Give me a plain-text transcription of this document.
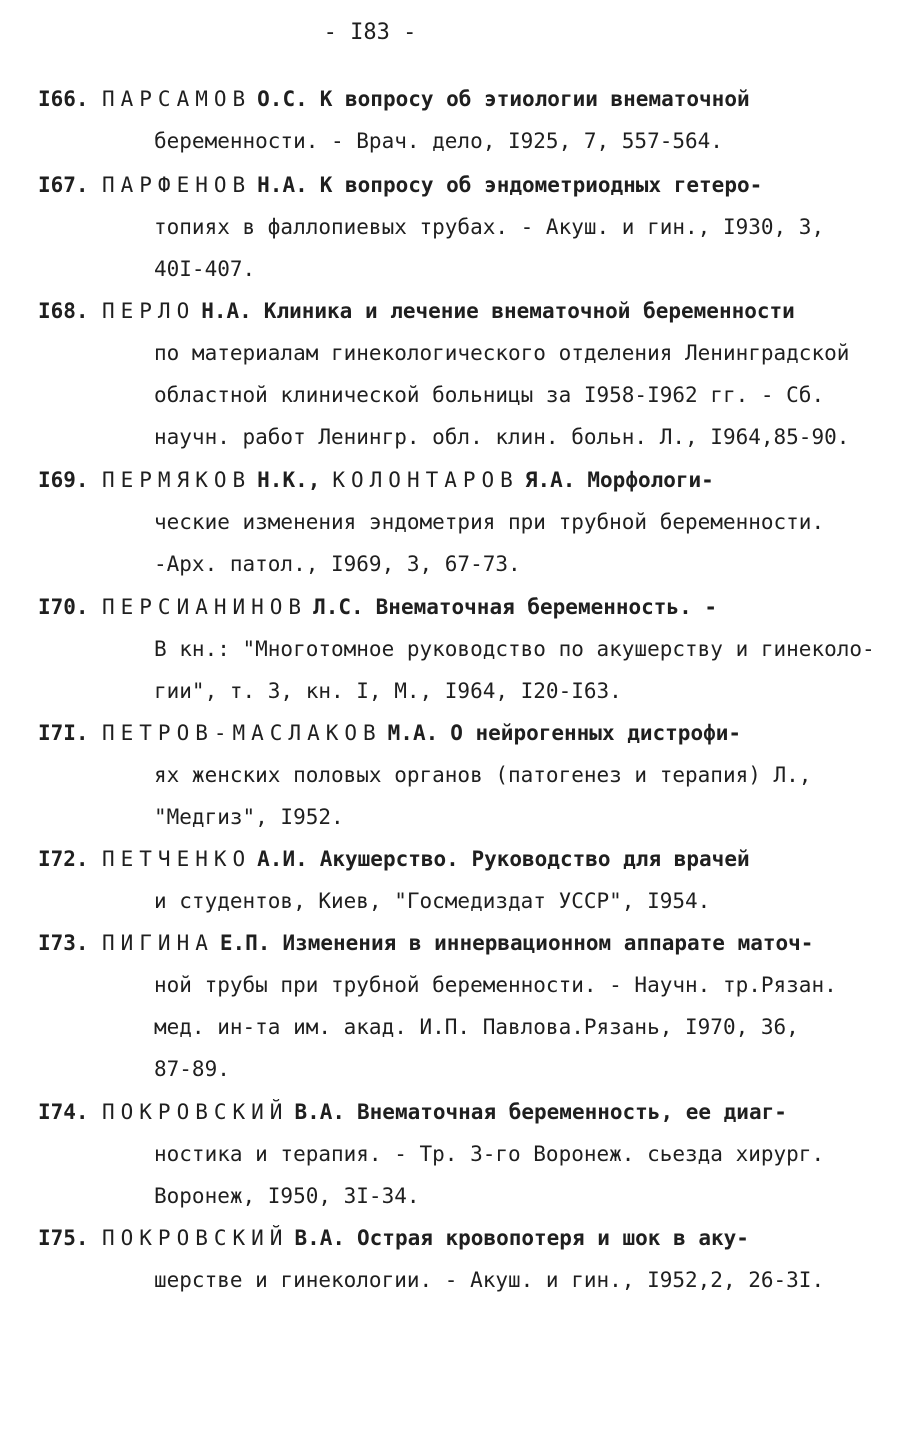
- I83 -
I66. ПАРСАМОВ О.С. К вопросу об этиологии внематочной
беременности. - Врач. дело, I925, 7, 557-564.
I67. ПАРФЕНОВ Н.А. К вопросу об эндометриодных гетеро-
топиях в фаллопиевых трубах. - Акуш. и гин., I930, 3,
40I-407.
I68. ПЕРЛО Н.А. Клиника и лечение внематочной беременности
по материалам гинекологического отделения Ленинградской
областной клинической больницы за I958-I962 гг. - Сб.
научн. работ Ленингр. обл. клин. больн. Л., I964,85-90.
I69. ПЕРМЯКОВ Н.К., КОЛОНТАРОВ Я.А. Морфологи-
ческие изменения эндометрия при трубной беременности.
-Арх. патол., I969, 3, 67-73.
I70. ПЕРСИАНИНОВ Л.С. Внематочная беременность. -
В кн.: "Многотомное руководство по акушерству и гинеколо-
гии", т. 3, кн. I, М., I964, I20-I63.
I7I. ПЕТРОВ-МАСЛАКОВ М.А. О нейрогенных дистрофи-
ях женских половых органов (патогенез и терапия) Л.,
"Медгиз", I952.
I72. ПЕТЧЕНКО А.И. Акушерство. Руководство для врачей
и студентов, Киев, "Госмедиздат УССР", I954.
I73. ПИГИНА Е.П. Изменения в иннервационном аппарате маточ-
ной трубы при трубной беременности. - Научн. тр.Рязан.
мед. ин-та им. акад. И.П. Павлова.Рязань, I970, 36,
87-89.
I74. ПОКРОВСКИЙ В.А. Внематочная беременность, ее диаг-
ностика и терапия. - Тр. 3-го Воронеж. сьезда хирург.
Воронеж, I950, 3I-34.
I75. ПОКРОВСКИЙ В.А. Острая кровопотеря и шок в аку-
шерстве и гинекологии. - Акуш. и гин., I952,2, 26-3I.
